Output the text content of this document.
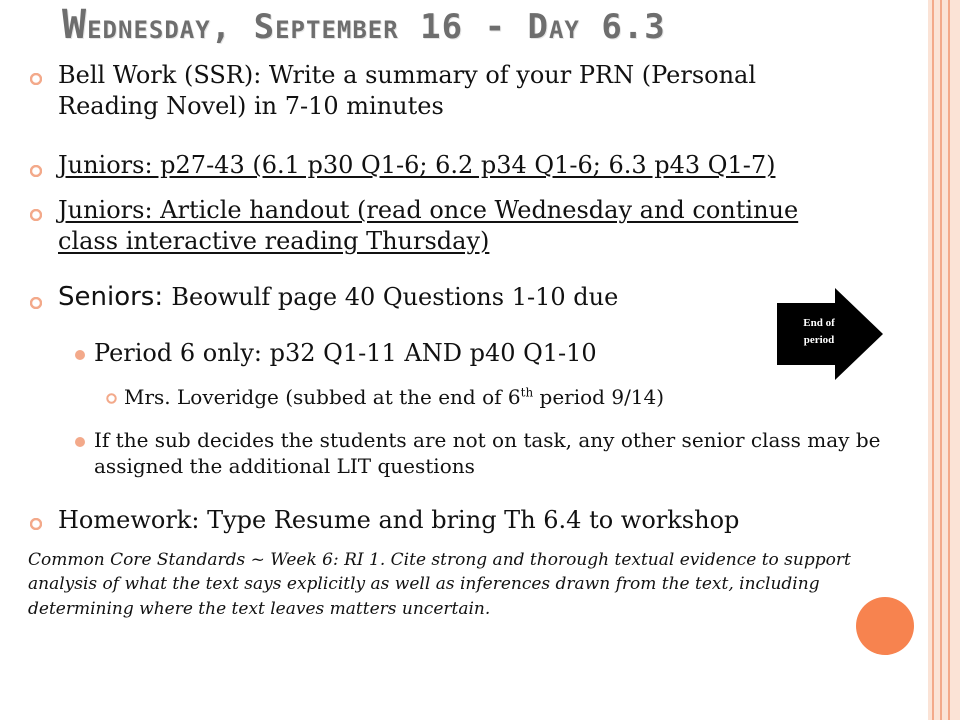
Wednesday, September 16 - Day 6.3
Bell Work (SSR): Write a summary of your PRN (Personal Reading Novel) in 7-10 minutes
Juniors: p27-43 (6.1 p30 Q1-6; 6.2 p34 Q1-6; 6.3 p43 Q1-7)
Juniors: Article handout (read once Wednesday and continue class interactive reading Thursday)
Seniors: Beowulf page 40 Questions 1-10 due
Period 6 only: p32 Q1-11 AND p40 Q1-10
Mrs. Loveridge (subbed at the end of 6th period 9/14)
If the sub decides the students are not on task, any other senior class may be assigned the additional LIT questions
Homework: Type Resume and bring Th 6.4 to workshop
Common Core Standards ~ Week 6: RI 1. Cite strong and thorough textual evidence to support analysis of what the text says explicitly as well as inferences drawn from the text, including determining where the text leaves matters uncertain.
End of
period
